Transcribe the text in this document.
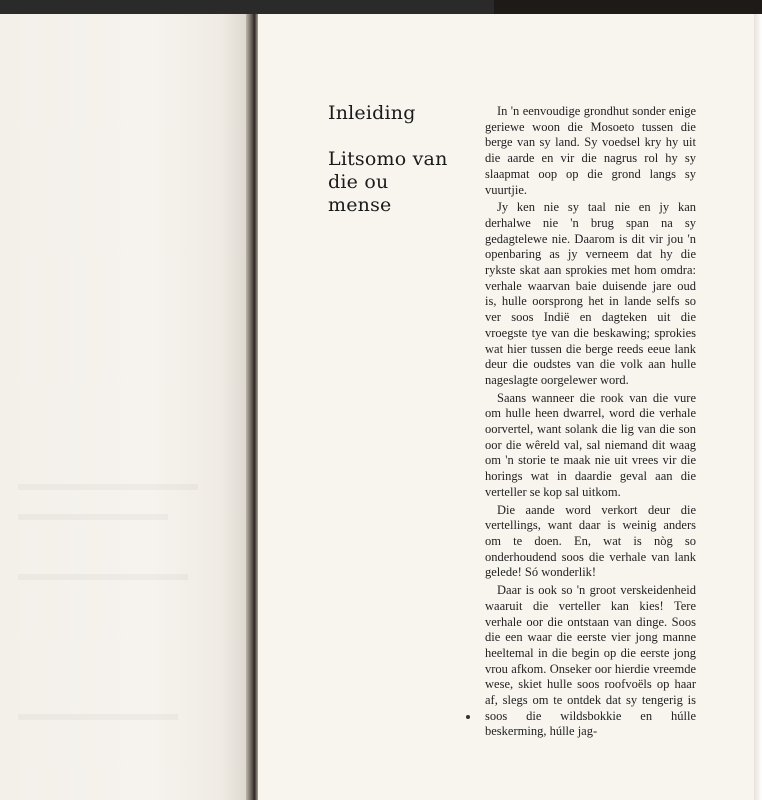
Inleiding
Litsomo van die ou mense

In 'n eenvoudige grondhut sonder enige geriewe woon die Mosoeto tussen die berge van sy land. Sy voedsel kry hy uit die aarde en vir die nagrus rol hy sy slaapmat oop op die grond langs sy vuurtjie.

Jy ken nie sy taal nie en jy kan derhalwe nie 'n brug span na sy gedagtelewe nie. Daarom is dit vir jou 'n openbaring as jy verneem dat hy die rykste skat aan sprokies met hom omdra: verhale waarvan baie duisende jare oud is, hulle oorsprong het in lande selfs so ver soos Indië en dagteken uit die vroegste tye van die beskawing; sprokies wat hier tussen die berge reeds eeue lank deur die oudstes van die volk aan hulle nageslagte oorgelewer word.

Saans wanneer die rook van die vure om hulle heen dwarrel, word die verhale oorvertel, want solank die lig van die son oor die wêreld val, sal niemand dit waag om 'n storie te maak nie uit vrees vir die horings wat in daardie geval aan die verteller se kop sal uitkom.

Die aande word verkort deur die vertellings, want daar is weinig anders om te doen. En, wat is nòg so onderhoudend soos die verhale van lank gelede! Só wonderlik!

Daar is ook so 'n groot verskeidenheid waaruit die verteller kan kies! Tere verhale oor die ontstaan van dinge. Soos die een waar die eerste vier jong manne heeltemal in die begin op die eerste jong vrou afkom. Onseker oor hierdie vreemde wese, skiet hulle soos roofvoëls op haar af, slegs om te ontdek dat sy tengerig is soos die wildsbokkie en húlle beskerming, húlle jag-
